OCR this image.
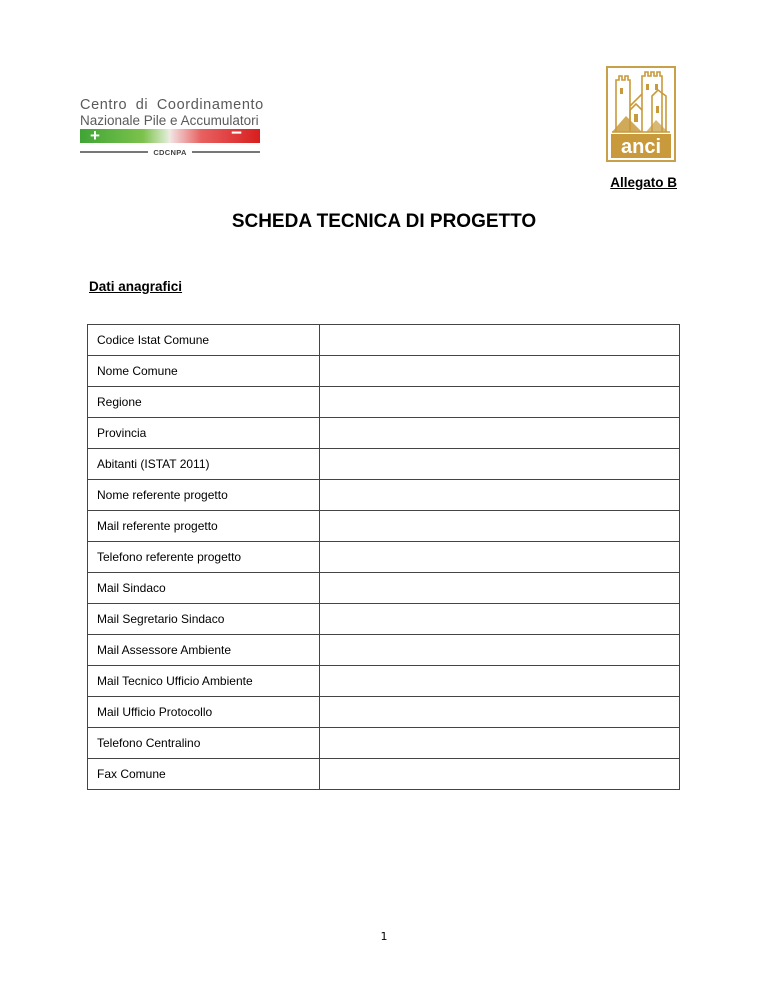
Centro di Coordinamento
Nazionale Pile e Accumulatori
+	−
CDCNPA	anci
Allegato B
SCHEDA TECNICA DI PROGETTO
Dati anagrafici
Codice Istat Comune	
Nome Comune	
Regione	
Provincia	
Abitanti (ISTAT 2011)	
Nome referente progetto	
Mail referente progetto	
Telefono referente progetto	
Mail Sindaco	
Mail Segretario Sindaco	
Mail Assessore Ambiente	
Mail Tecnico Ufficio Ambiente	
Mail Ufficio Protocollo	
Telefono Centralino	
Fax Comune	
1
